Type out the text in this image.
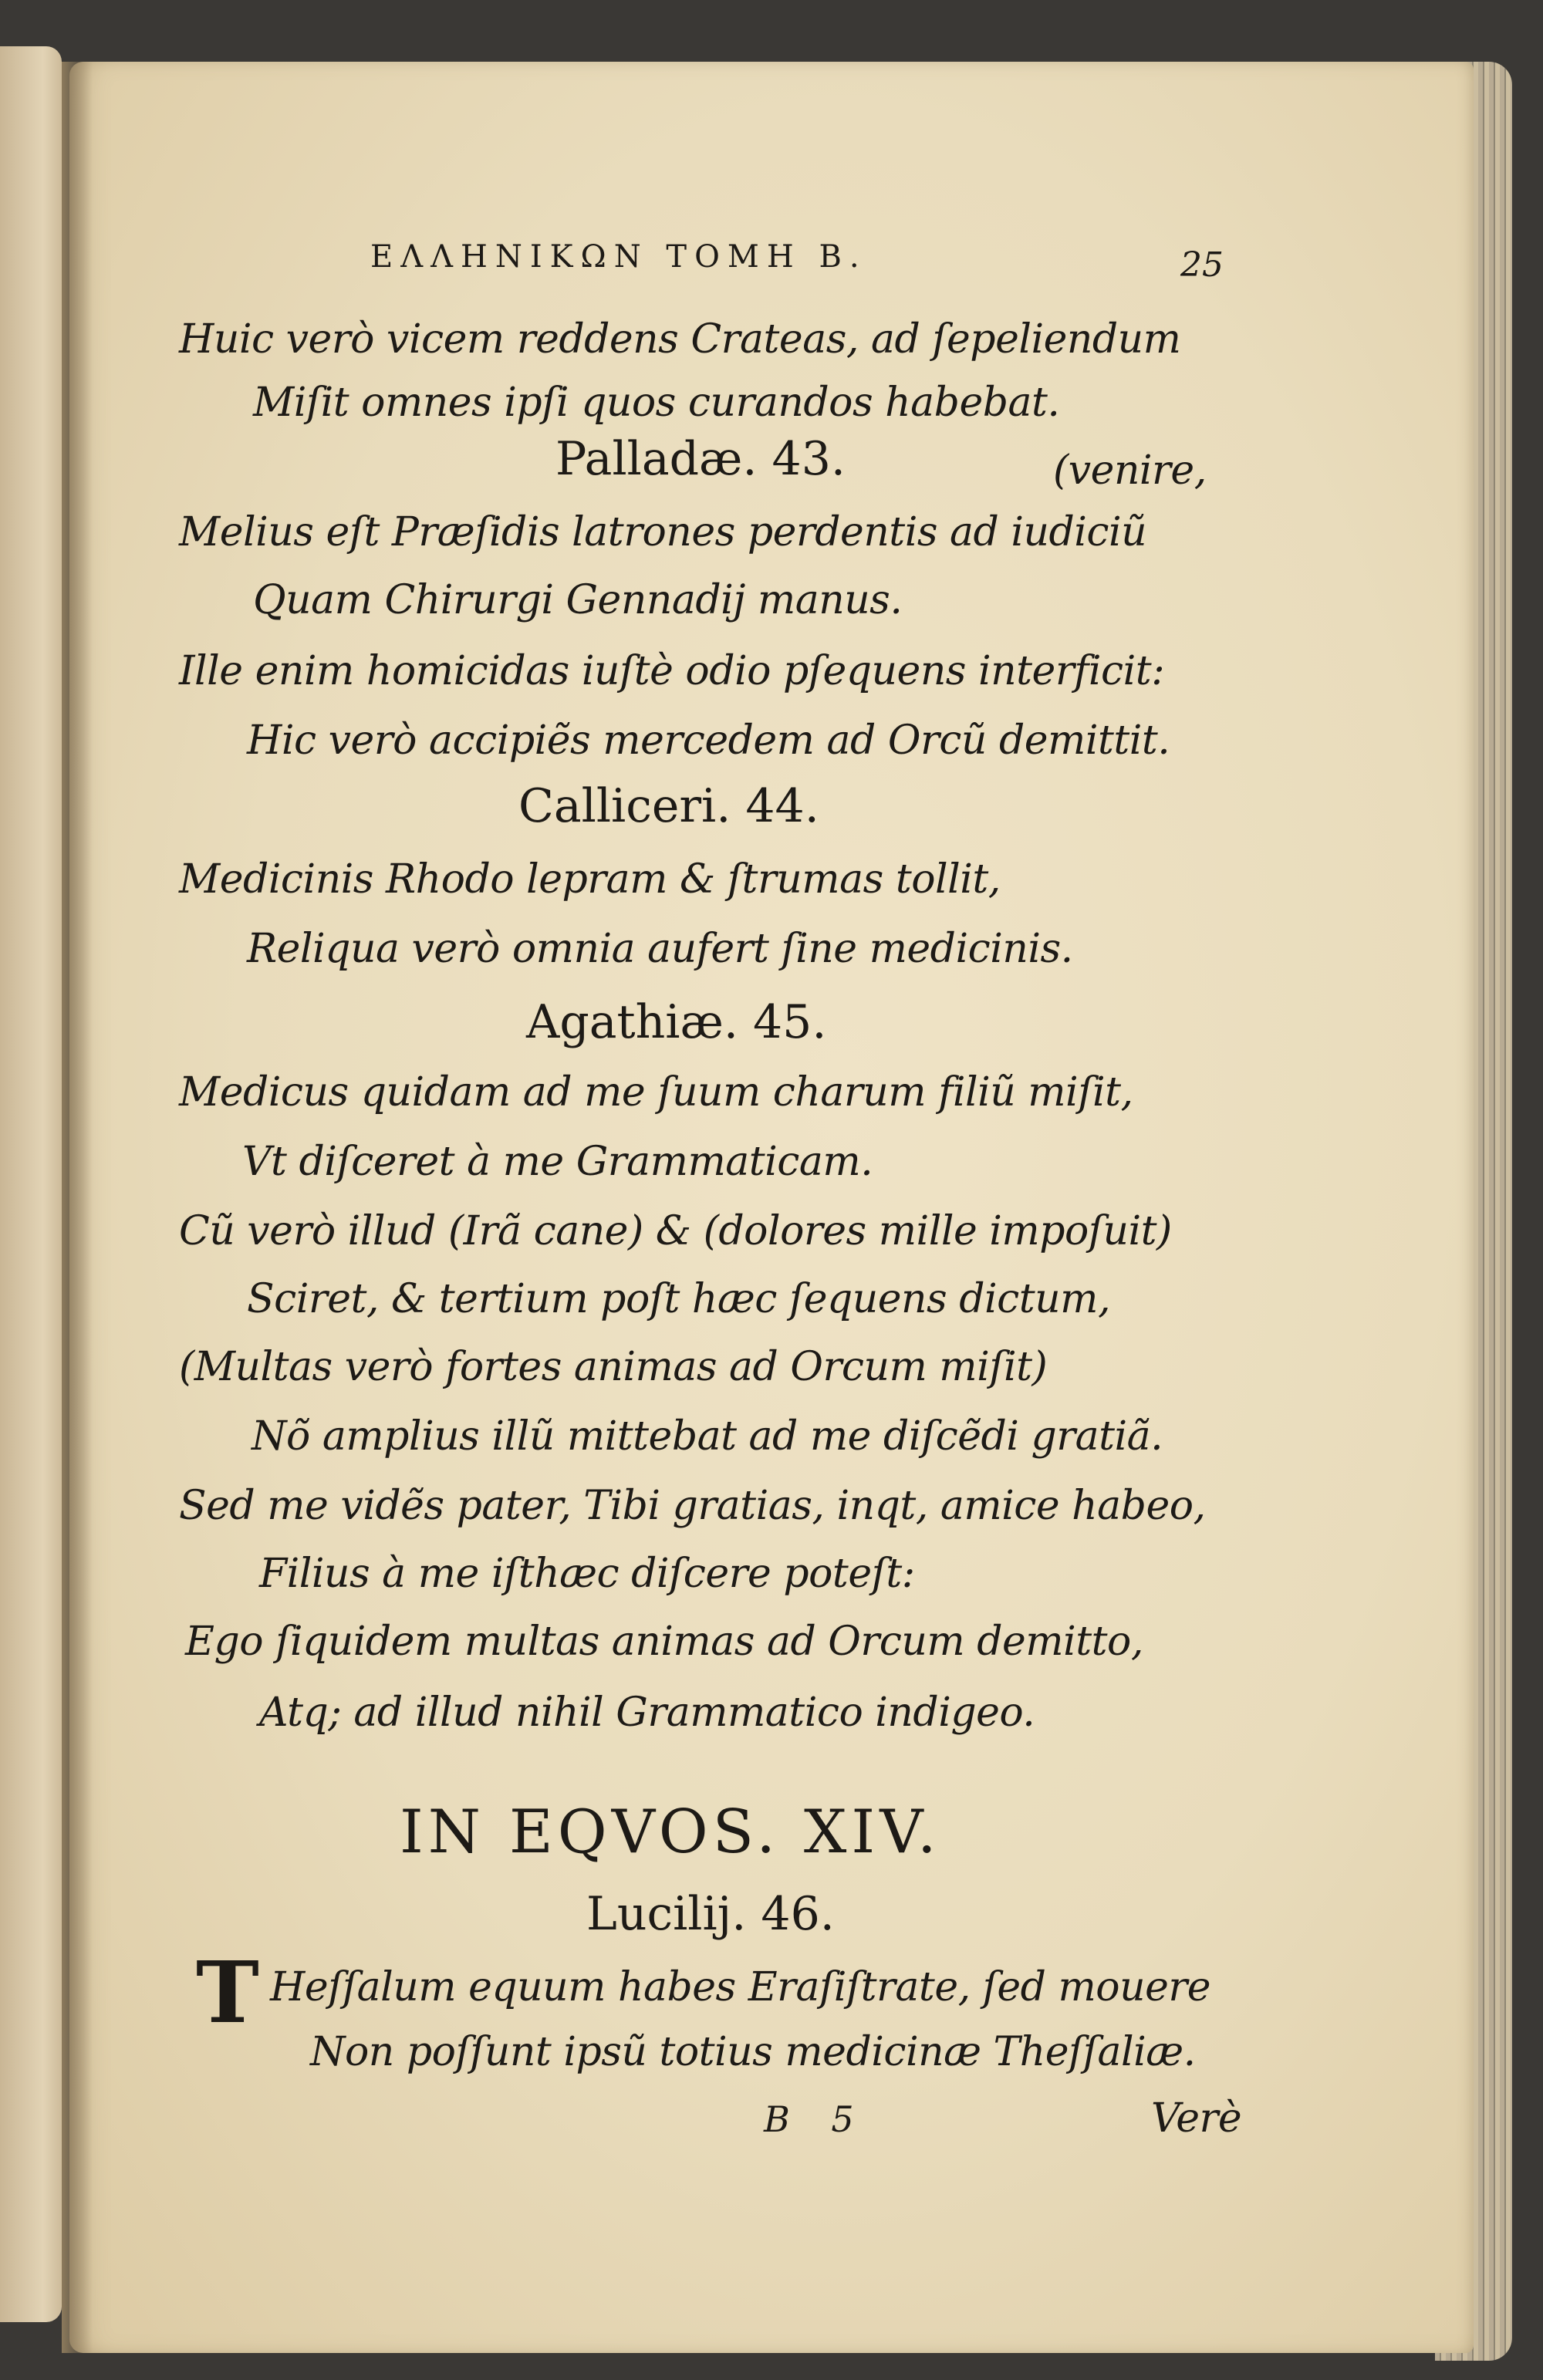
ΕΛΛΗΝΙΚΩΝ ΤΟΜΗ Β.	25
Huic verò vicem reddens Crateas, ad ſepeliendum
Miſit omnes ipſi quos curandos habebat.
Palladæ. 43.	(venire,
Melius eſt Præſidis latrones perdentis ad iudiciũ
Quam Chirurgi Gennadij manus.
Ille enim homicidas iuſtè odio pſequens interficit:
Hic verò accipiẽs mercedem ad Orcũ demittit.
Calliceri. 44.
Medicinis Rhodo lepram & ſtrumas tollit,
Reliqua verò omnia aufert ſine medicinis.
Agathiæ. 45.
Medicus quidam ad me ſuum charum filiũ miſit,
Vt diſceret à me Grammaticam.
Cũ verò illud (Irã cane) & (dolores mille impoſuit)
Sciret, & tertium poſt hæc ſequens dictum,
(Multas verò fortes animas ad Orcum miſit)
Nõ amplius illũ mittebat ad me diſcẽdi gratiã.
Sed me vidẽs pater, Tibi gratias, inqt, amice habeo,
Filius à me iſthæc diſcere poteſt:
Ego ſiquidem multas animas ad Orcum demitto,
Atq; ad illud nihil Grammatico indigeo.
IN EQVOS. XIV.
Lucilij. 46.
T Heſſalum equum habes Eraſiſtrate, ſed mouere
Non poſſunt ipsũ totius medicinæ Theſſaliæ.
B 5	Verè
